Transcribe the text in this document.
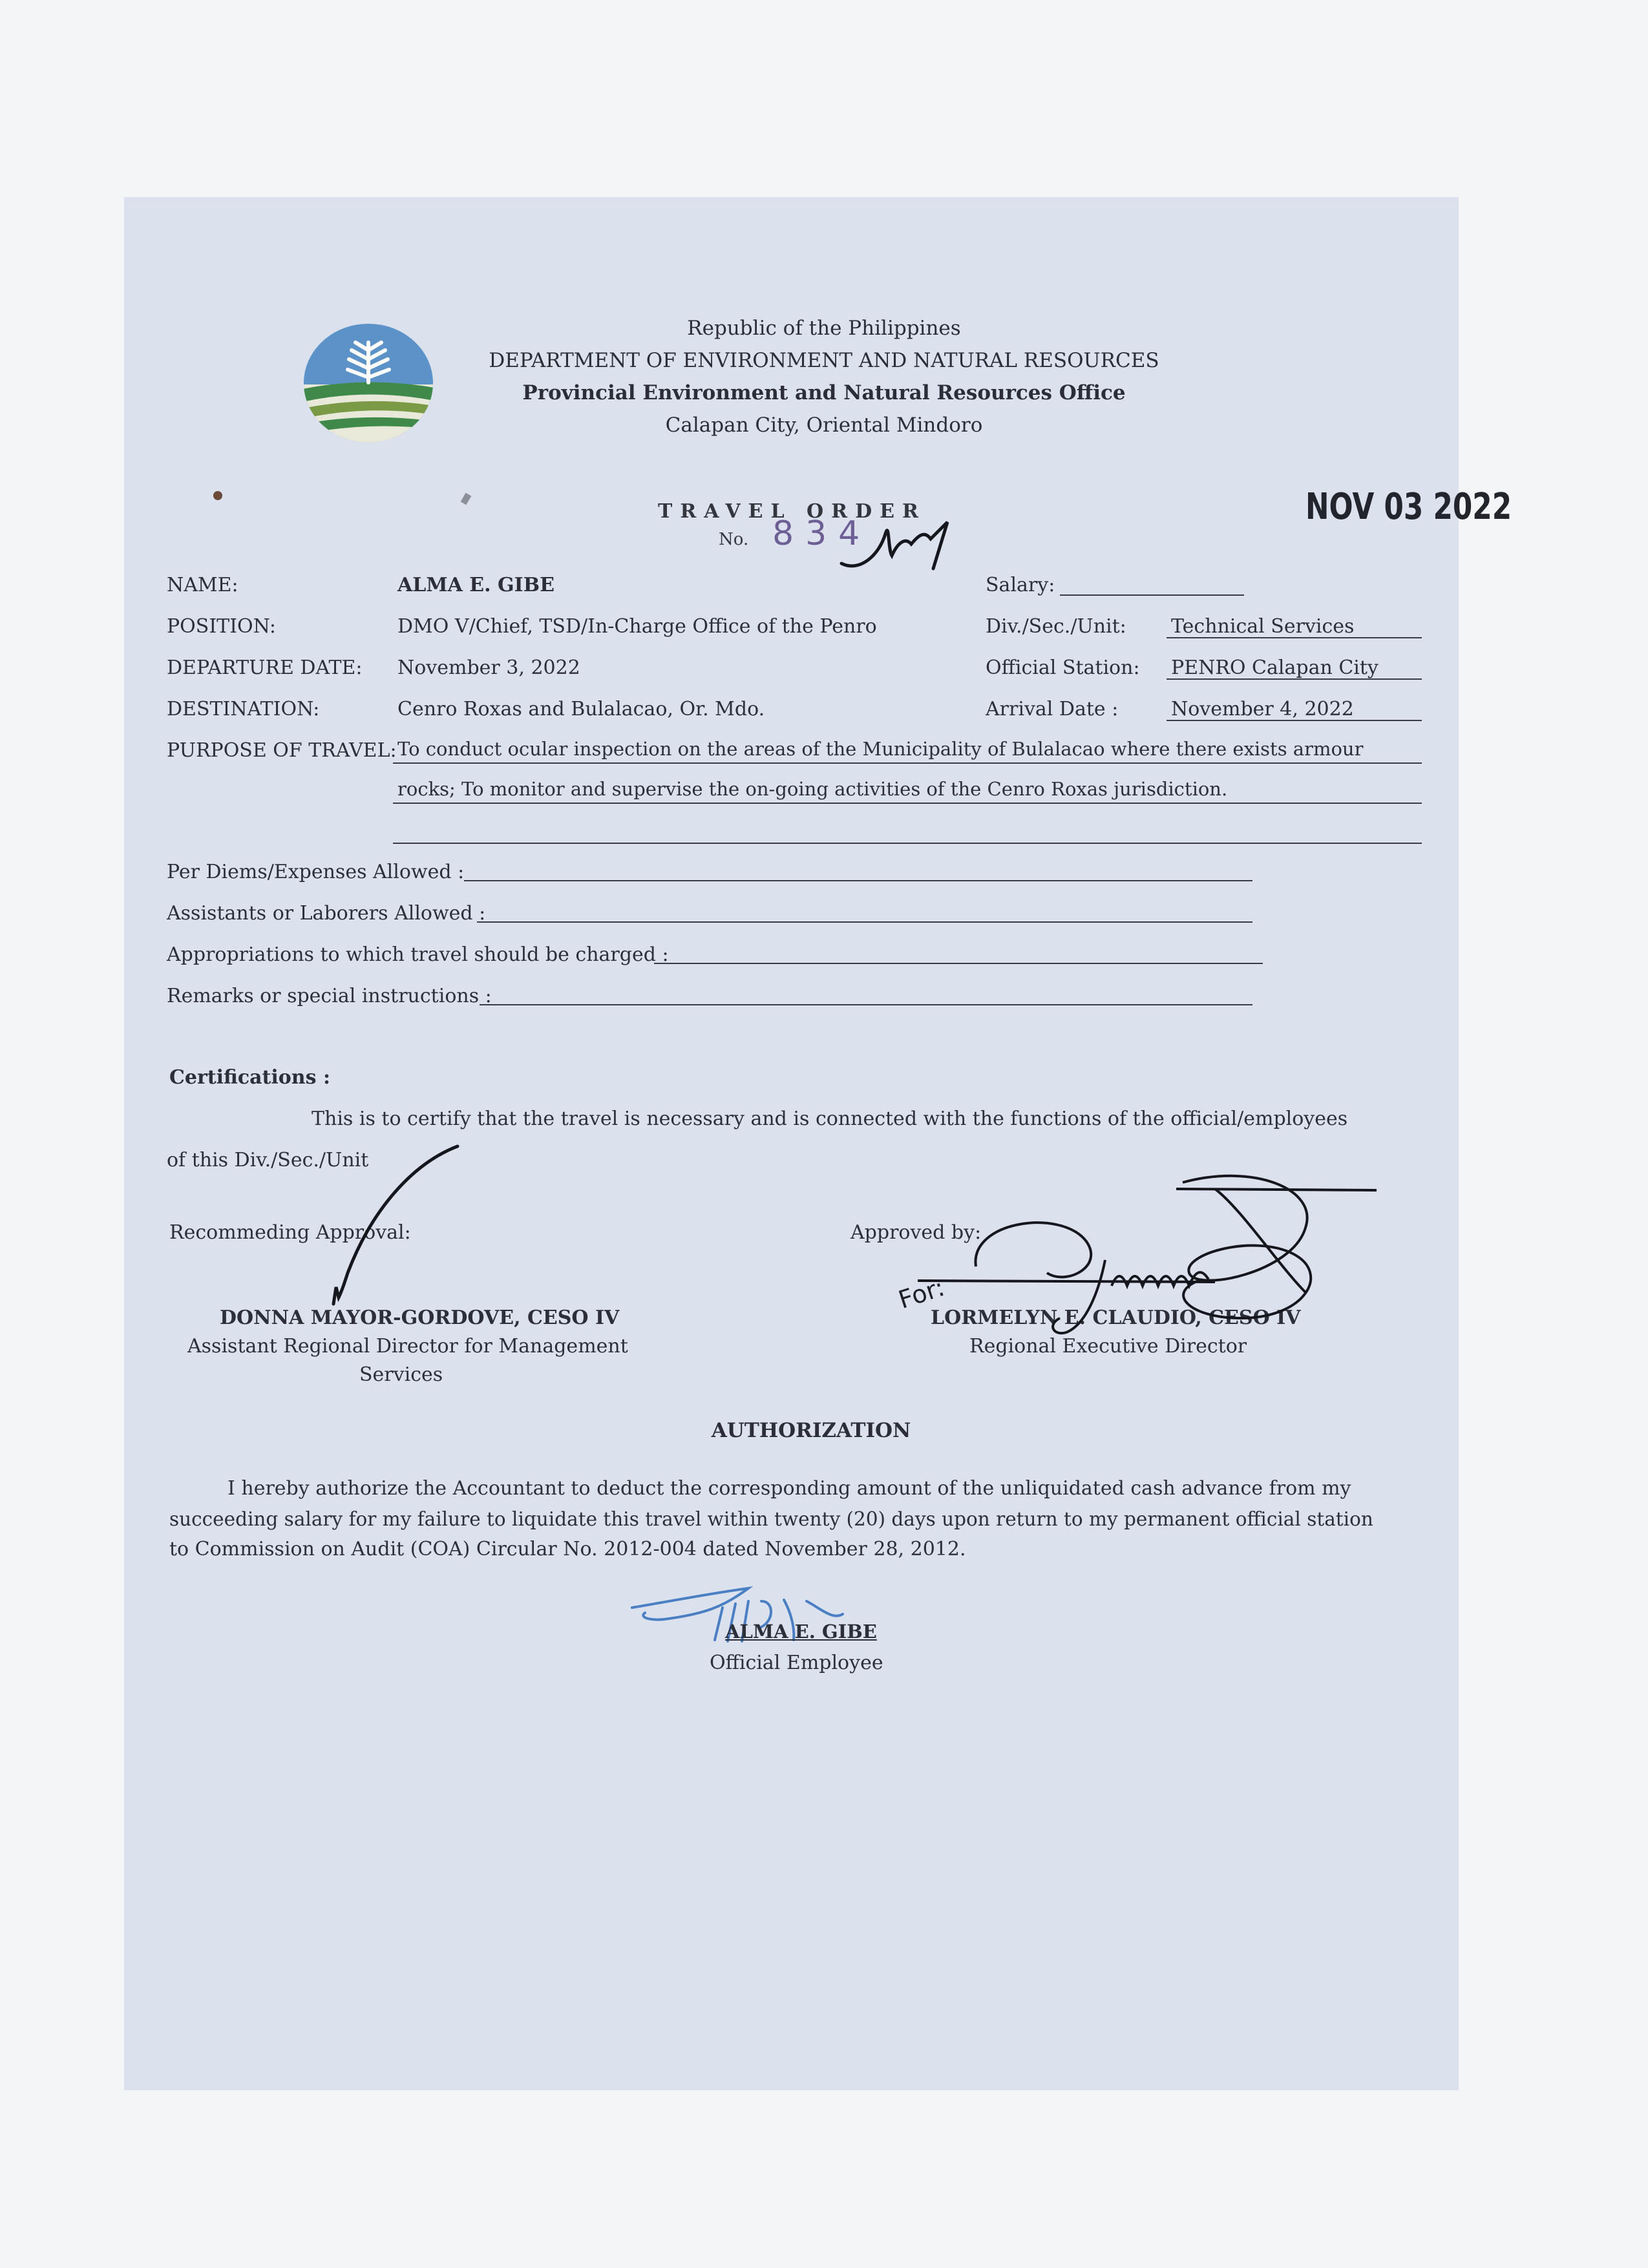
Republic of the Philippines
DEPARTMENT OF ENVIRONMENT AND NATURAL RESOURCES
Provincial Environment and Natural Resources Office
Calapan City, Oriental Mindoro
TRAVEL ORDER
No. 834
NOV 03 2022
NAME:	ALMA E. GIBE
POSITION:	DMO V/Chief, TSD/In-Charge Office of the Penro
DEPARTURE DATE: November 3, 2022
DESTINATION:	Cenro Roxas and Bulalacao, Or. Mdo.
PURPOSE OF TRAVEL: To conduct ocular inspection on the areas of the Municipality of Bulalacao where there exists armour
rocks; To monitor and supervise the on-going activities of the Cenro Roxas jurisdiction.
Salary:
Div./Sec./Unit: Technical Services
Official Station: PENRO Calapan City
Arrival Date :	November 4, 2022
Per Diems/Expenses Allowed :
Assistants or Laborers Allowed :
Appropriations to which travel should be charged :
Remarks or special instructions :
Certifications :
This is to certify that the travel is necessary and is connected with the functions of the official/employees
of this Div./Sec./Unit
Recommeding Approval:	Approved by:
DONNA MAYOR-GORDOVE, CESO IV
Assistant Regional Director for Management
Services
LORMELYN E. CLAUDIO, CESO IV
Regional Executive Director
For:
AUTHORIZATION
I hereby authorize the Accountant to deduct the corresponding amount of the unliquidated cash advance from my
succeeding salary for my failure to liquidate this travel within twenty (20) days upon return to my permanent official station
to Commission on Audit (COA) Circular No. 2012-004 dated November 28, 2012.
ALMA E. GIBE
Official Employee
